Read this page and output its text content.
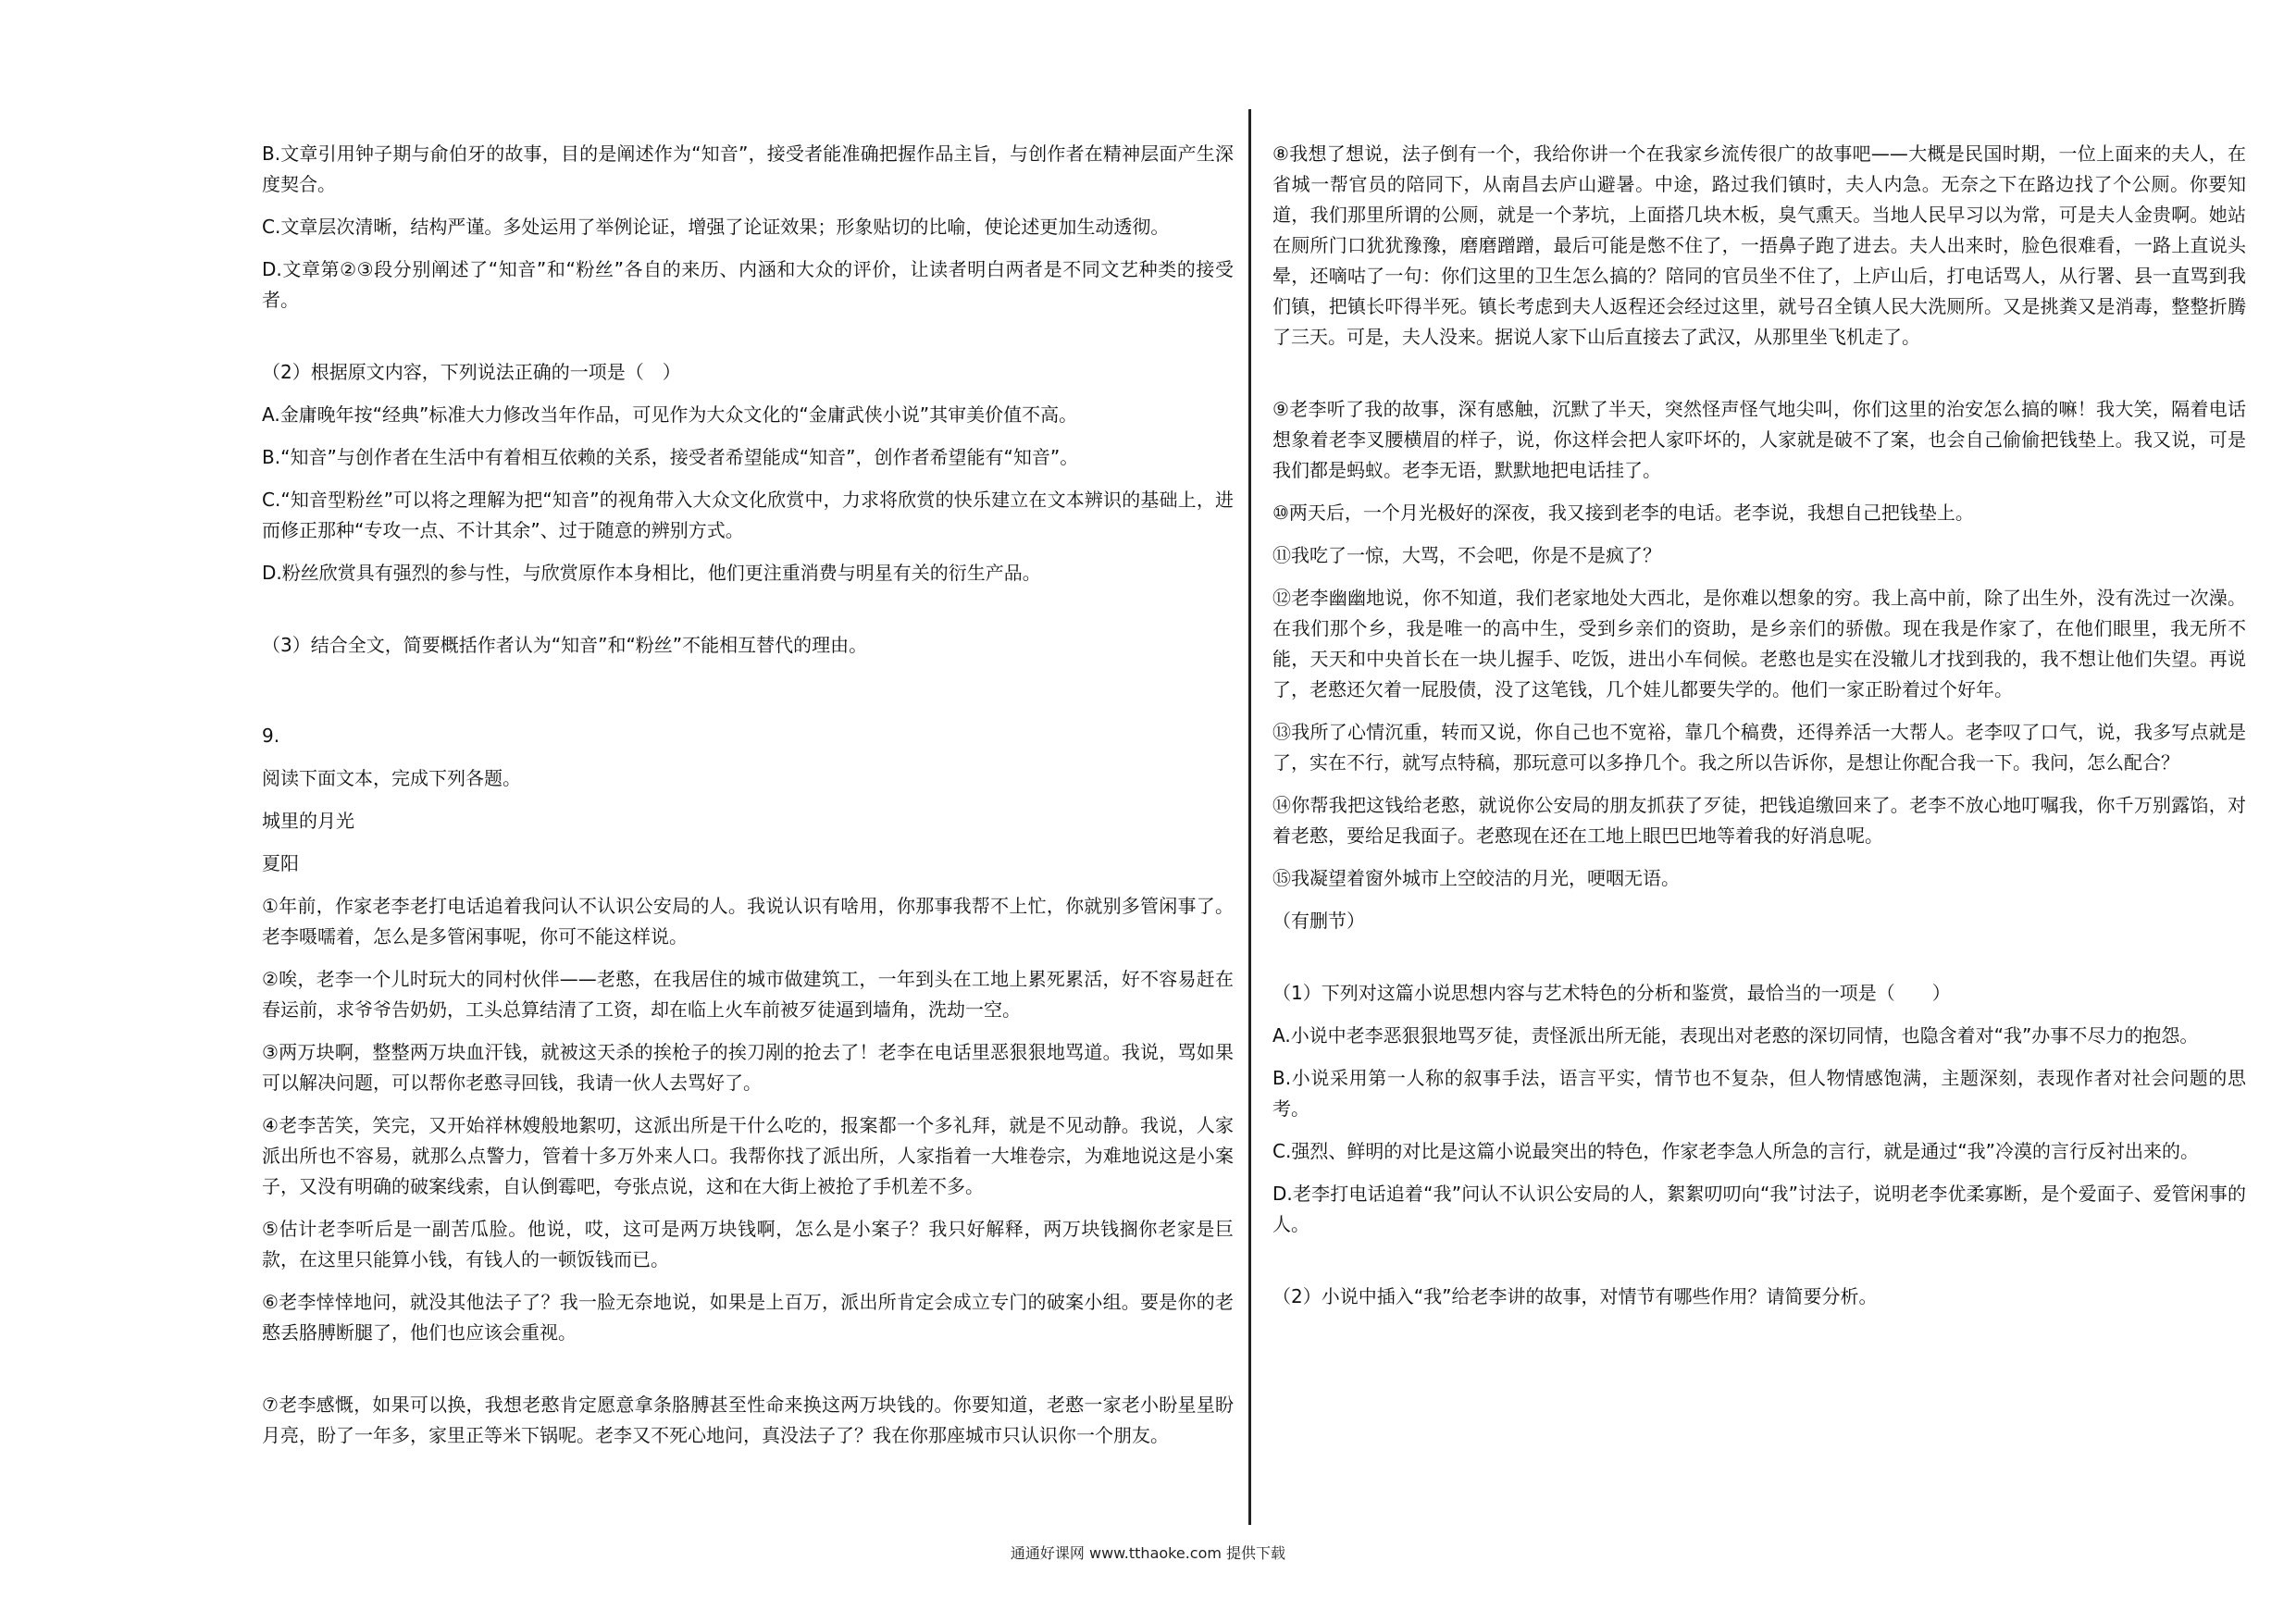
B.文章引用钟子期与俞伯牙的故事，目的是阐述作为“知音”，接受者能准确把握作品主旨，与创作者在精神层面产生深度契合。

C.文章层次清晰，结构严谨。多处运用了举例论证，增强了论证效果；形象贴切的比喻，使论述更加生动透彻。

D.文章第②③段分别阐述了“知音”和“粉丝”各自的来历、内涵和大众的评价，让读者明白两者是不同文艺种类的接受者。

（2）根据原文内容，下列说法正确的一项是（　）

A.金庸晚年按“经典”标准大力修改当年作品，可见作为大众文化的“金庸武侠小说”其审美价值不高。

B.“知音”与创作者在生活中有着相互依赖的关系，接受者希望能成“知音”，创作者希望能有“知音”。

C.“知音型粉丝”可以将之理解为把“知音”的视角带入大众文化欣赏中，力求将欣赏的快乐建立在文本辨识的基础上，进而修正那种“专攻一点、不计其余”、过于随意的辨别方式。

D.粉丝欣赏具有强烈的参与性，与欣赏原作本身相比，他们更注重消费与明星有关的衍生产品。

（3）结合全文，简要概括作者认为“知音”和“粉丝”不能相互替代的理由。

9.

阅读下面文本，完成下列各题。

城里的月光

夏阳

①年前，作家老李老打电话追着我问认不认识公安局的人。我说认识有啥用，你那事我帮不上忙，你就别多管闲事了。老李嗫嚅着，怎么是多管闲事呢，你可不能这样说。

②唉，老李一个儿时玩大的同村伙伴——老憨，在我居住的城市做建筑工，一年到头在工地上累死累活，好不容易赶在春运前，求爷爷告奶奶，工头总算结清了工资，却在临上火车前被歹徒逼到墙角，洗劫一空。

③两万块啊，整整两万块血汗钱，就被这天杀的挨枪子的挨刀剐的抢去了！老李在电话里恶狠狠地骂道。我说，骂如果可以解决问题，可以帮你老憨寻回钱，我请一伙人去骂好了。

④老李苦笑，笑完，又开始祥林嫂般地絮叨，这派出所是干什么吃的，报案都一个多礼拜，就是不见动静。我说，人家派出所也不容易，就那么点警力，管着十多万外来人口。我帮你找了派出所，人家指着一大堆卷宗，为难地说这是小案子，又没有明确的破案线索，自认倒霉吧，夸张点说，这和在大街上被抢了手机差不多。

⑤估计老李听后是一副苦瓜脸。他说，哎，这可是两万块钱啊，怎么是小案子？我只好解释，两万块钱搁你老家是巨款，在这里只能算小钱，有钱人的一顿饭钱而已。

⑥老李悻悻地问，就没其他法子了？我一脸无奈地说，如果是上百万，派出所肯定会成立专门的破案小组。要是你的老憨丢胳膊断腿了，他们也应该会重视。

⑦老李感慨，如果可以换，我想老憨肯定愿意拿条胳膊甚至性命来换这两万块钱的。你要知道，老憨一家老小盼星星盼月亮，盼了一年多，家里正等米下锅呢。老李又不死心地问，真没法子了？我在你那座城市只认识你一个朋友。

⑧我想了想说，法子倒有一个，我给你讲一个在我家乡流传很广的故事吧——大概是民国时期，一位上面来的夫人，在省城一帮官员的陪同下，从南昌去庐山避暑。中途，路过我们镇时，夫人内急。无奈之下在路边找了个公厕。你要知道，我们那里所谓的公厕，就是一个茅坑，上面搭几块木板，臭气熏天。当地人民早习以为常，可是夫人金贵啊。她站在厕所门口犹犹豫豫，磨磨蹭蹭，最后可能是憋不住了，一捂鼻子跑了进去。夫人出来时，脸色很难看，一路上直说头晕，还嘀咕了一句：你们这里的卫生怎么搞的？陪同的官员坐不住了，上庐山后，打电话骂人，从行署、县一直骂到我们镇，把镇长吓得半死。镇长考虑到夫人返程还会经过这里，就号召全镇人民大洗厕所。又是挑粪又是消毒，整整折腾了三天。可是，夫人没来。据说人家下山后直接去了武汉，从那里坐飞机走了。

⑨老李听了我的故事，深有感触，沉默了半天，突然怪声怪气地尖叫，你们这里的治安怎么搞的嘛！我大笑，隔着电话想象着老李叉腰横眉的样子，说，你这样会把人家吓坏的，人家就是破不了案，也会自己偷偷把钱垫上。我又说，可是我们都是蚂蚁。老李无语，默默地把电话挂了。

⑩两天后，一个月光极好的深夜，我又接到老李的电话。老李说，我想自己把钱垫上。

⑪我吃了一惊，大骂，不会吧，你是不是疯了？

⑫老李幽幽地说，你不知道，我们老家地处大西北，是你难以想象的穷。我上高中前，除了出生外，没有洗过一次澡。在我们那个乡，我是唯一的高中生，受到乡亲们的资助，是乡亲们的骄傲。现在我是作家了，在他们眼里，我无所不能，天天和中央首长在一块儿握手、吃饭，进出小车伺候。老憨也是实在没辙儿才找到我的，我不想让他们失望。再说了，老憨还欠着一屁股债，没了这笔钱，几个娃儿都要失学的。他们一家正盼着过个好年。

⑬我所了心情沉重，转而又说，你自己也不宽裕，靠几个稿费，还得养活一大帮人。老李叹了口气，说，我多写点就是了，实在不行，就写点特稿，那玩意可以多挣几个。我之所以告诉你，是想让你配合我一下。我问，怎么配合？

⑭你帮我把这钱给老憨，就说你公安局的朋友抓获了歹徒，把钱追缴回来了。老李不放心地叮嘱我，你千万别露馅，对着老憨，要给足我面子。老憨现在还在工地上眼巴巴地等着我的好消息呢。

⑮我凝望着窗外城市上空皎洁的月光，哽咽无语。

（有删节）

（1）下列对这篇小说思想内容与艺术特色的分析和鉴赏，最恰当的一项是（　　）

A.小说中老李恶狠狠地骂歹徒，责怪派出所无能，表现出对老憨的深切同情，也隐含着对“我”办事不尽力的抱怨。

B.小说采用第一人称的叙事手法，语言平实，情节也不复杂，但人物情感饱满，主题深刻，表现作者对社会问题的思考。

C.强烈、鲜明的对比是这篇小说最突出的特色，作家老李急人所急的言行，就是通过“我”冷漠的言行反衬出来的。

D.老李打电话追着“我”问认不认识公安局的人，絮絮叨叨向“我”讨法子，说明老李优柔寡断，是个爱面子、爱管闲事的人。

（2）小说中插入“我”给老李讲的故事，对情节有哪些作用？请简要分析。

通通好课网 www.tthaoke.com 提供下载
